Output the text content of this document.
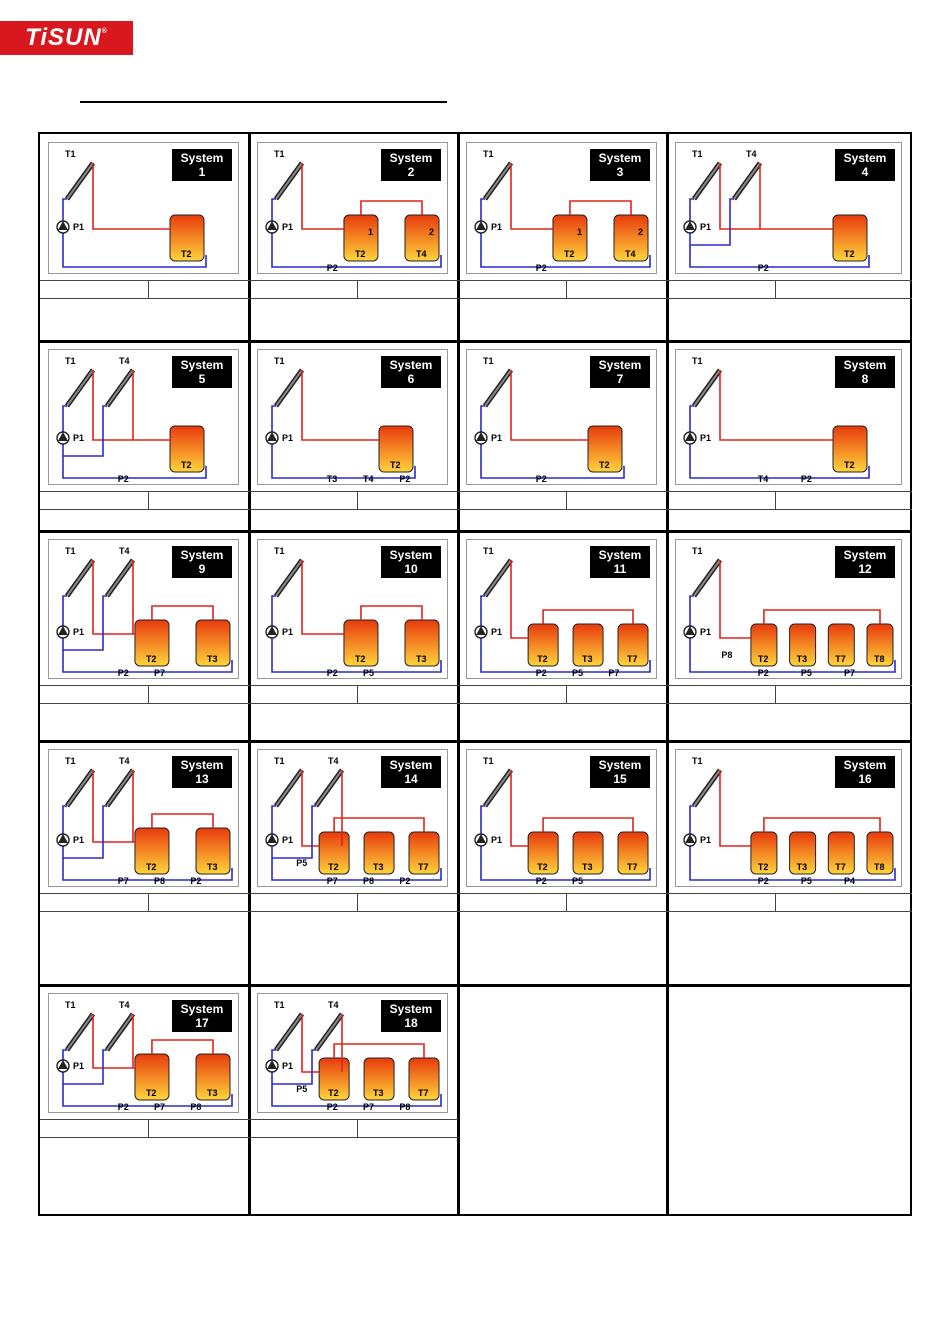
TiSUN®
T1
P1
T2
System
1
T1
P2
P1	1
T2
2
T4
System
2
T1
P1
P2
1
T2
2
T4
System
3
T1	T4
P2
P1
T2
System
4
T1	T4
P1
P2
T2
System
5
T1
T3
T2
T4
P1
P2
System
6
T1
P1
P2
T2
System
7
T1
P1
T4	P2
T2
System
8
T1	T4
P1
P2
T2	T3
P7
System
9
T1
P1
T2	T3
P2	P5
System
10
T1
P1
T2	T3	T7
P2	P5	P7
System
11
T1
P1
T2	T3	T7	T8
P2	P5	P7
P8
System
12
T1	T4
P7	P8
T2	T3
P1
P2
System
13
T1	T4
P7	P8
T2	T3	T7
P1
P2
P5
System
14
T1
T2	T3	T7
P1
P2	P5
System
15
T1
T2	T3	T7	T8
P1
P2	P5	P4
System
16
T1	T4
P1
P2
T2	T3
P7	P8
System
17
T1	T4
P1
P2
T2	T3	T7
P7	P8
P5
System
18
